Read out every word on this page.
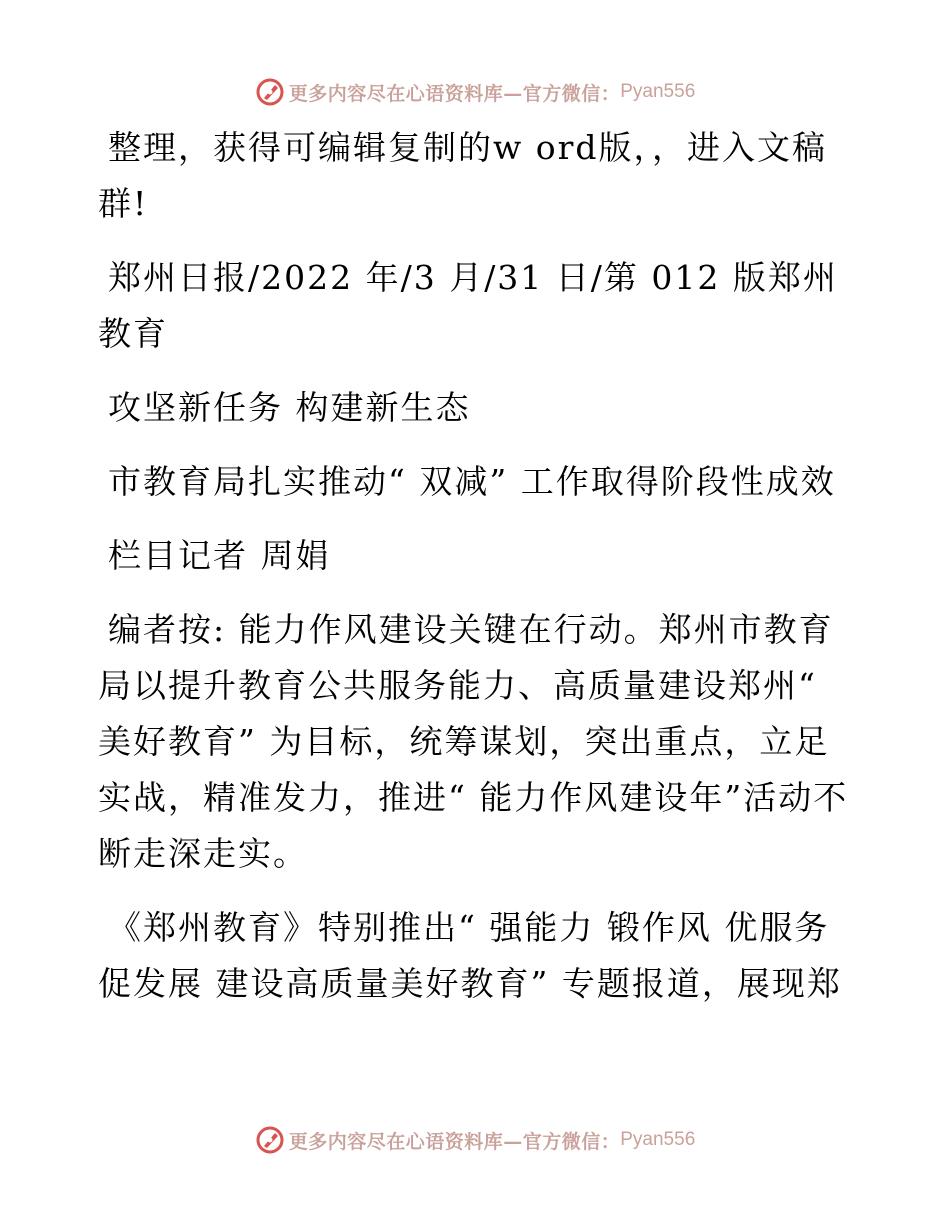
更多内容尽在心语资料库—官方微信： Pyan556

整理，获得可编辑复制的w ord版，，进入文稿群!

郑州日报/2022 年/3 月/31 日/第 012 版郑州教育

攻坚新任务 构建新生态

市教育局扎实推动“ 双减” 工作取得阶段性成效

栏目记者 周娟

编者按: 能力作风建设关键在行动。郑州市教育局以提升教育公共服务能力、高质量建设郑州“ 美好教育” 为目标，统筹谋划，突出重点，立足实战，精准发力，推进“ 能力作风建设年”活动不断走深走实。

《郑州教育》特别推出“ 强能力 锻作风 优服务 促发展 建设高质量美好教育” 专题报道，展现郑

更多内容尽在心语资料库—官方微信： Pyan556
